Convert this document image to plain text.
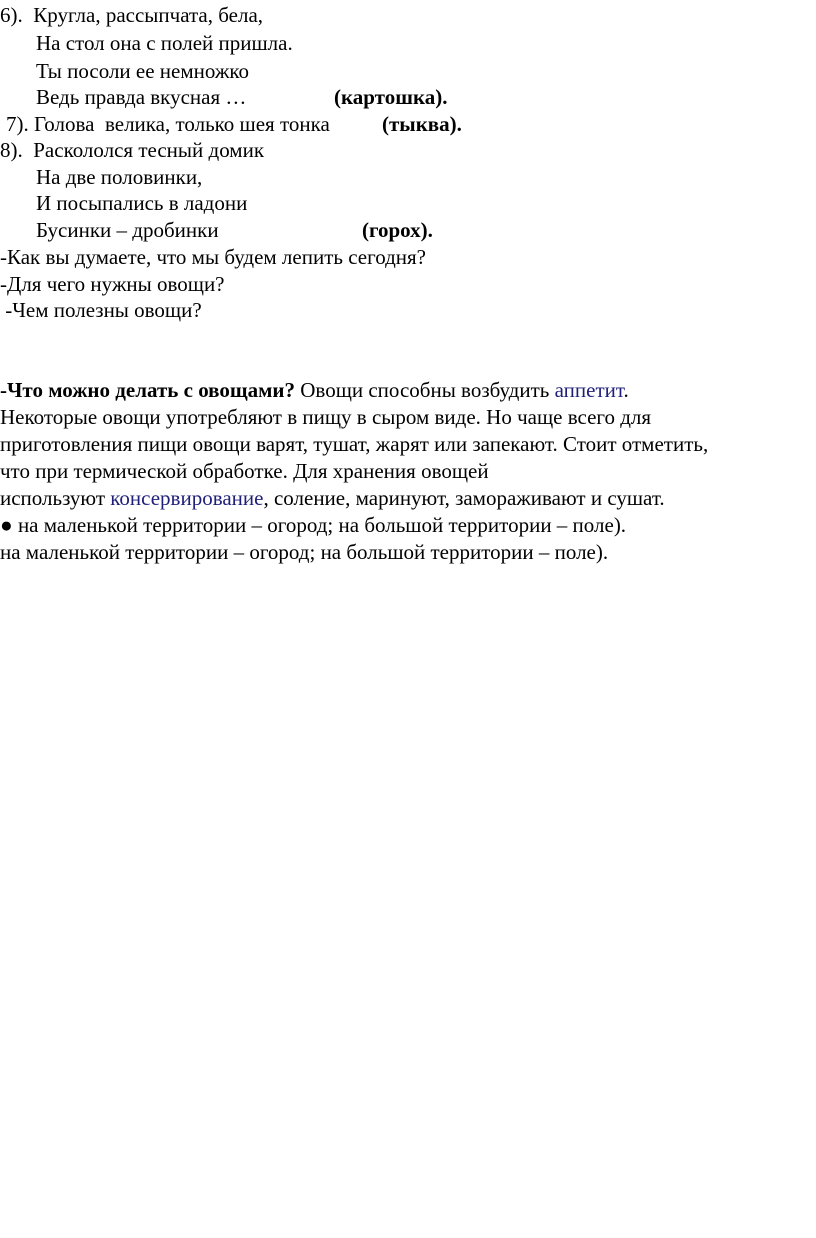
6). Кругла, рассыпчата, бела,
На стол она с полей пришла.
Ты посоли ее немножко
Ведь правда вкусная …	(картошка).
7). Голова  велика, только шея тонка (тыква).
8). Раскололся тесный домик
На две половинки,
И посыпались в ладони
Бусинки – дробинки	(горох).
-Как вы думаете, что мы будем лепить сегодня?
-Для чего нужны овощи?
-Чем полезны овощи?
-Что можно делать с овощами? Овощи способны возбудить аппетит.
Некоторые овощи употребляют в пищу в сыром виде. Но чаще всего для
приготовления пищи овощи варят, тушат, жарят или запекают. Стоит отметить,
что при термической обработке. Для хранения овощей
используют консервирование, соление, маринуют, замораживают и сушат.
● на маленькой территории – огород; на большой территории – поле).
на маленькой территории – огород; на большой территории – поле).
